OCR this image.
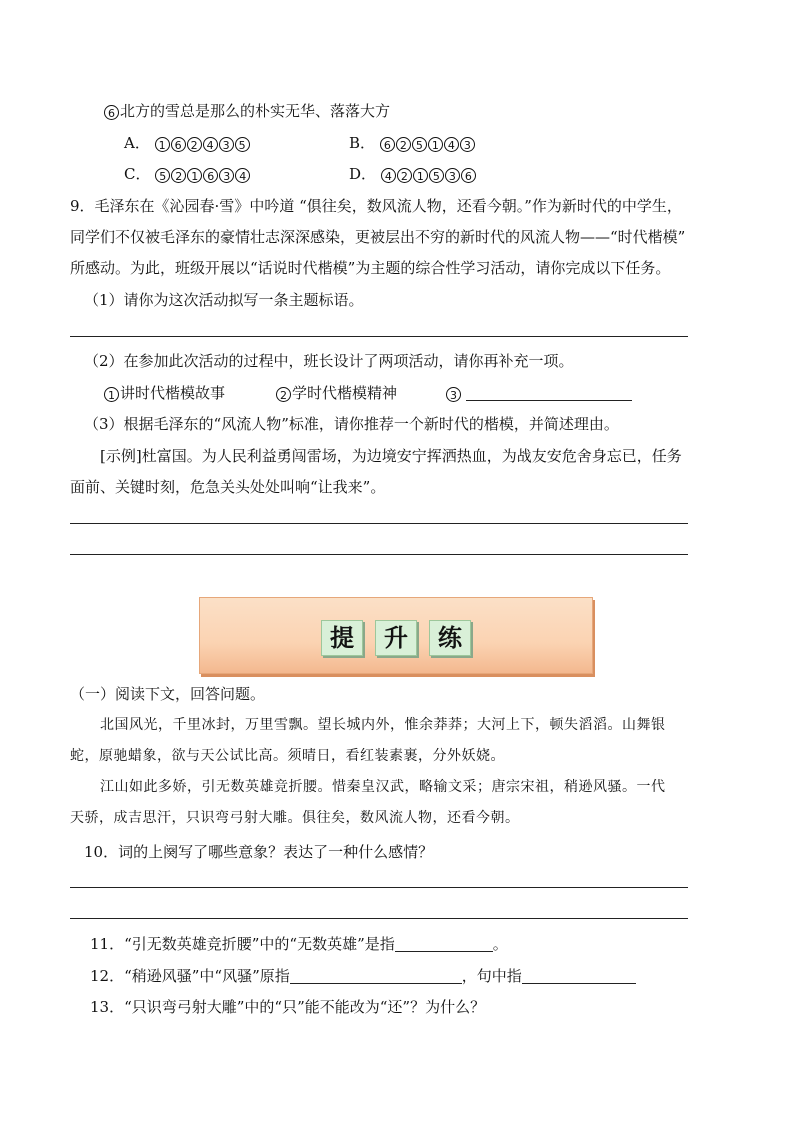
6 北方的雪总是那么的朴实无华、落落大方
A． 1 6 2 4 3 5	B． 6 2 5 1 4 3
C． 5 2 1 6 3 4	D． 4 2 1 5 3 6
9．毛泽东在《沁园春·雪》中吟道 “俱往矣，数风流人物，还看今朝。”作为新时代的中学生，
同学们不仅被毛泽东的豪情壮志深深感染，更被层出不穷的新时代的风流人物——“时代楷模”
所感动。为此，班级开展以“话说时代楷模”为主题的综合性学习活动，请你完成以下任务。
（1）请你为这次活动拟写一条主题标语。
（2）在参加此次活动的过程中，班长设计了两项活动，请你再补充一项。
1 讲时代楷模故事	2 学时代楷模精神	3
（3）根据毛泽东的“风流人物”标准，请你推荐一个新时代的楷模，并简述理由。
[示例]杜富国。为人民利益勇闯雷场，为边境安宁挥洒热血，为战友安危舍身忘已，任务
面前、关键时刻，危急关头处处叫响“让我来”。
提 升 练
（一）阅读下文，回答问题。
北国风光，千里冰封，万里雪飘。望长城内外，惟余莽莽；大河上下，顿失滔滔。山舞银
蛇，原驰蜡象，欲与天公试比高。须晴日，看红装素裹，分外妖娆。
江山如此多娇，引无数英雄竞折腰。惜秦皇汉武，略输文采；唐宗宋祖，稍逊风骚。一代
天骄，成吉思汗，只识弯弓射大雕。俱往矣，数风流人物，还看今朝。
10．词的上阕写了哪些意象？表达了一种什么感情？
11．“引无数英雄竞折腰”中的“无数英雄”是指	。
12．“稍逊风骚”中“风骚”原指	，句中指
13．“只识弯弓射大雕”中的“只”能不能改为“还”？为什么？
